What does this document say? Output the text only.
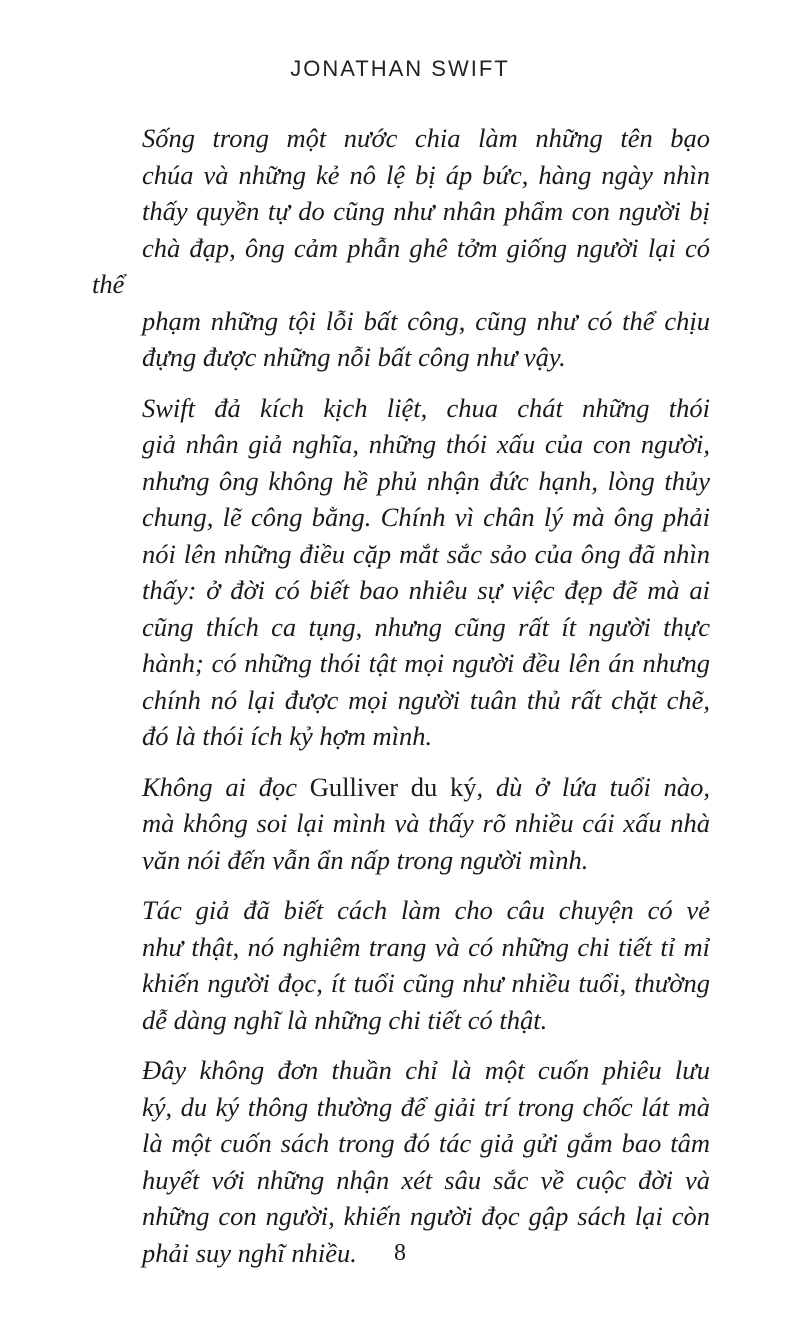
JONATHAN SWIFT

Sống trong một nước chia làm những tên bạo
chúa và những kẻ nô lệ bị áp bức, hàng ngày nhìn
thấy quyền tự do cũng như nhân phẩm con người bị
chà đạp, ông cảm phẫn ghê tởm giống người lại có thể
phạm những tội lỗi bất công, cũng như có thể chịu
đựng được những nỗi bất công như vậy.

Swift đả kích kịch liệt, chua chát những thói
giả nhân giả nghĩa, những thói xấu của con người,
nhưng ông không hề phủ nhận đức hạnh, lòng thủy
chung, lẽ công bằng. Chính vì chân lý mà ông phải
nói lên những điều cặp mắt sắc sảo của ông đã nhìn
thấy: ở đời có biết bao nhiêu sự việc đẹp đẽ mà ai
cũng thích ca tụng, nhưng cũng rất ít người thực
hành; có những thói tật mọi người đều lên án nhưng
chính nó lại được mọi người tuân thủ rất chặt chẽ,
đó là thói ích kỷ hợm mình.

Không ai đọc Gulliver du ký, dù ở lứa tuổi nào,
mà không soi lại mình và thấy rõ nhiều cái xấu nhà
văn nói đến vẫn ẩn nấp trong người mình.

Tác giả đã biết cách làm cho câu chuyện có vẻ
như thật, nó nghiêm trang và có những chi tiết tỉ mỉ
khiến người đọc, ít tuổi cũng như nhiều tuổi, thường
dễ dàng nghĩ là những chi tiết có thật.

Đây không đơn thuần chỉ là một cuốn phiêu lưu
ký, du ký thông thường để giải trí trong chốc lát mà
là một cuốn sách trong đó tác giả gửi gắm bao tâm
huyết với những nhận xét sâu sắc về cuộc đời và
những con người, khiến người đọc gập sách lại còn
phải suy nghĩ nhiều.	8
